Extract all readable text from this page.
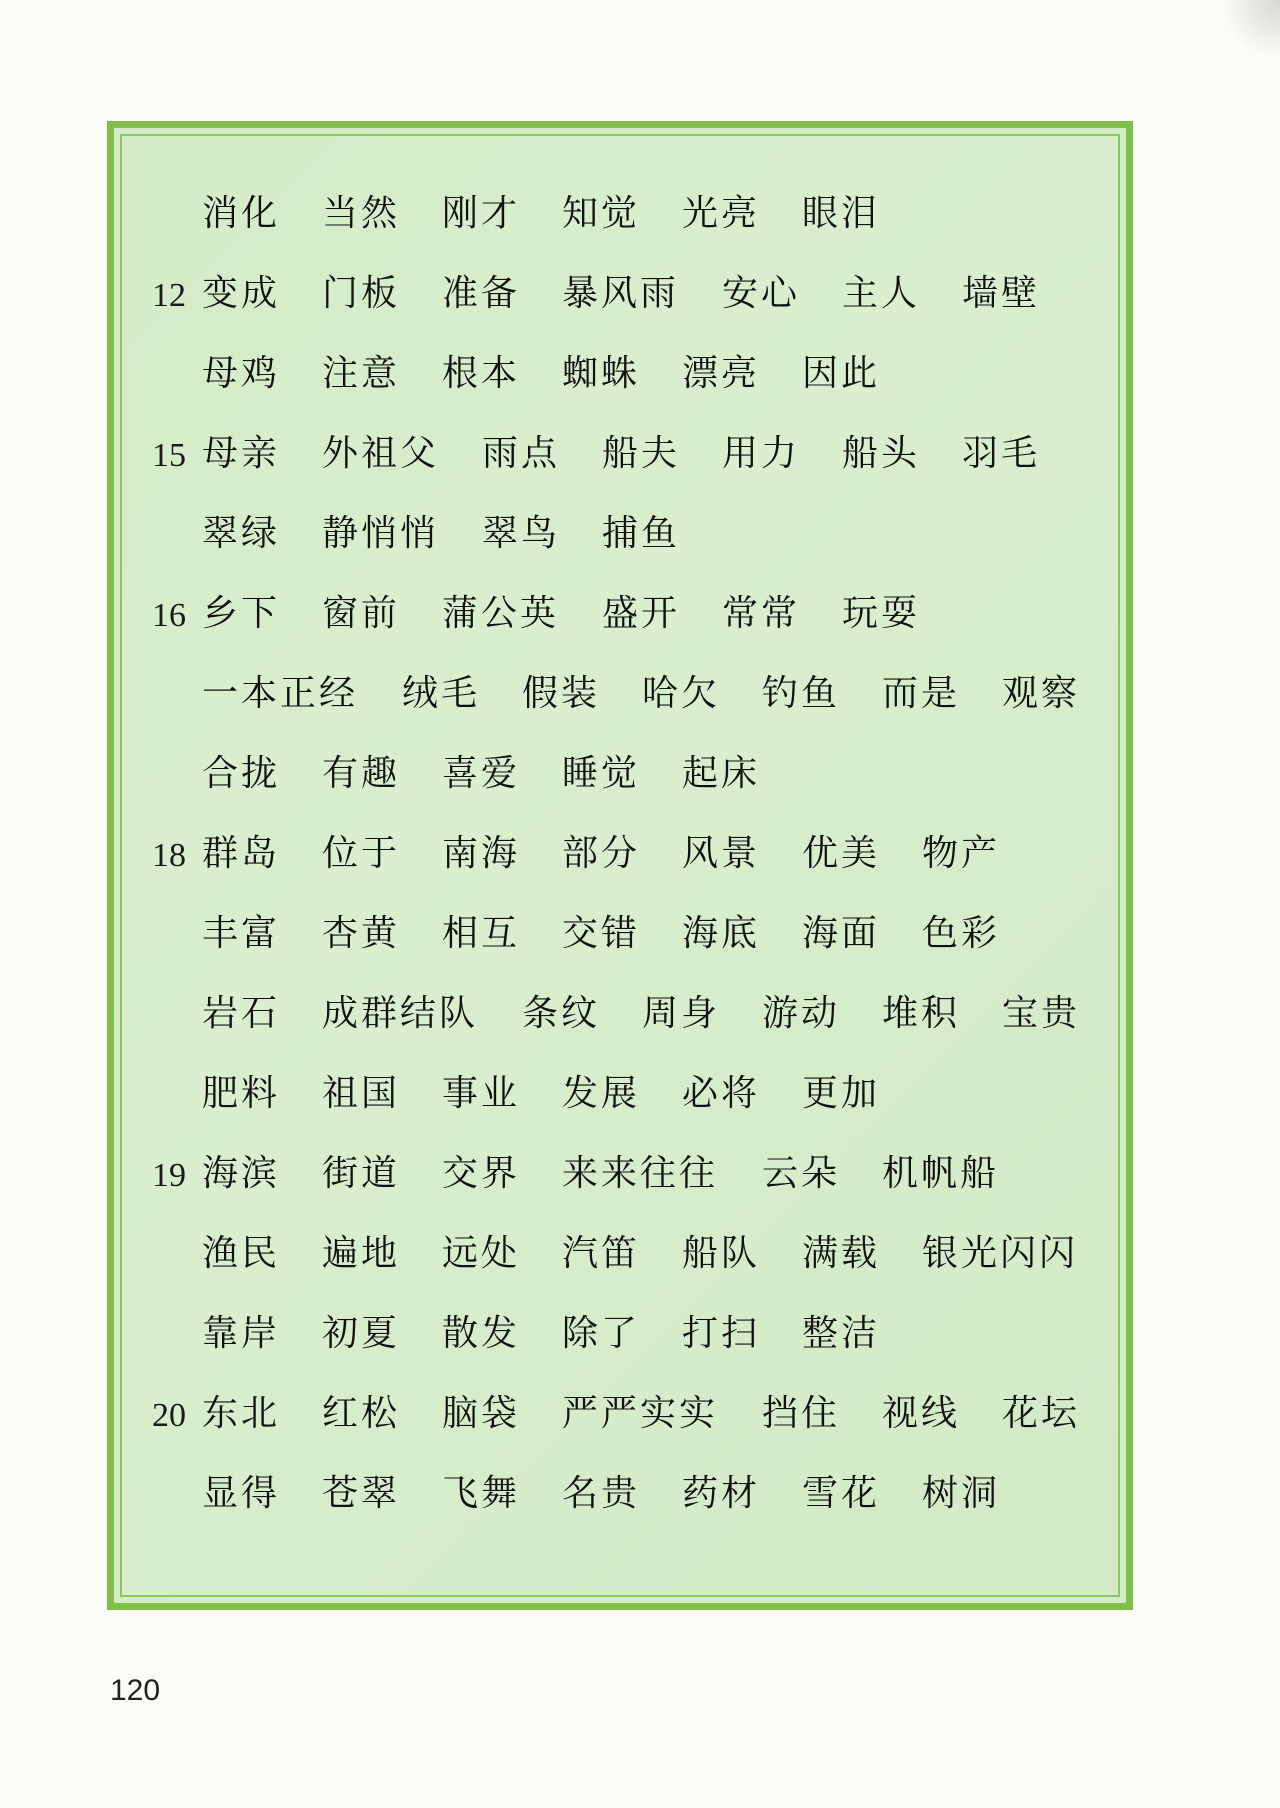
消化 当然 刚才 知觉 光亮 眼泪
12 变成 门板 准备 暴风雨 安心 主人 墙壁
母鸡 注意 根本 蜘蛛 漂亮 因此
15 母亲 外祖父 雨点 船夫 用力 船头 羽毛
翠绿 静悄悄 翠鸟 捕鱼
16 乡下 窗前 蒲公英 盛开 常常 玩耍
一本正经 绒毛 假装 哈欠 钓鱼 而是 观察
合拢 有趣 喜爱 睡觉 起床
18 群岛 位于 南海 部分 风景 优美 物产
丰富 杏黄 相互 交错 海底 海面 色彩
岩石 成群结队 条纹 周身 游动 堆积 宝贵
肥料 祖国 事业 发展 必将 更加
19 海滨 街道 交界 来来往往 云朵 机帆船
渔民 遍地 远处 汽笛 船队 满载 银光闪闪
靠岸 初夏 散发 除了 打扫 整洁
20 东北 红松 脑袋 严严实实 挡住 视线 花坛
显得 苍翠 飞舞 名贵 药材 雪花 树洞
120
